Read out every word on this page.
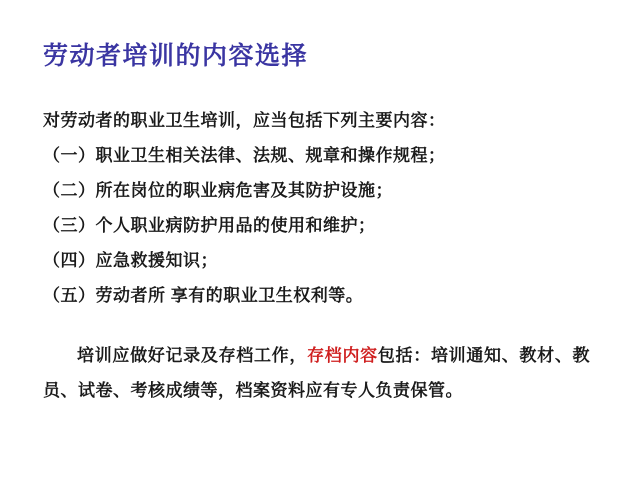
劳动者培训的内容选择

对劳动者的职业卫生培训，应当包括下列主要内容：

（一）职业卫生相关法律、法规、规章和操作规程；
（二）所在岗位的职业病危害及其防护设施；
（三）个人职业病防护用品的使用和维护；
（四）应急救援知识；
（五）劳动者所 享有的职业卫生权利等。

培训应做好记录及存档工作，存档内容包括：培训通知、教材、教员、试卷、考核成绩等，档案资料应有专人负责保管。
